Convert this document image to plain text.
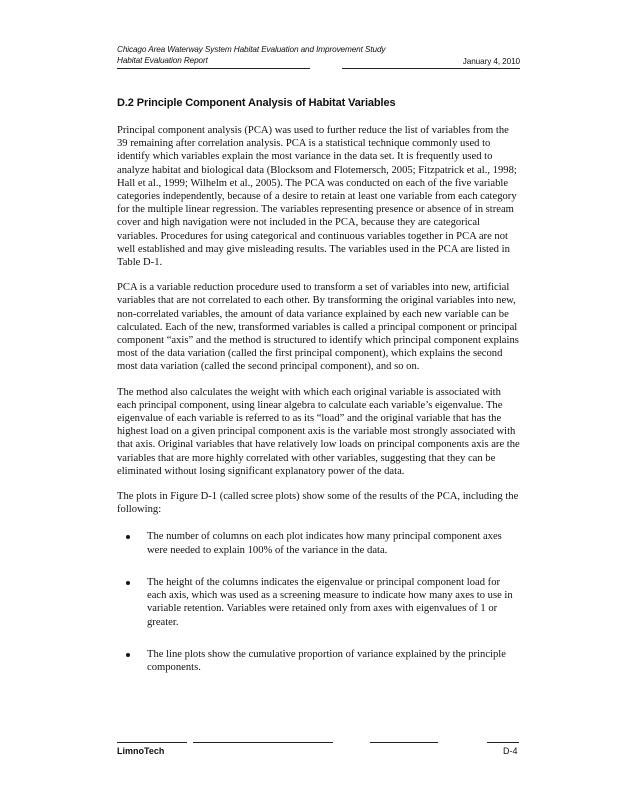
Chicago Area Waterway System Habitat Evaluation and Improvement Study
Habitat Evaluation Report	January 4, 2010
D.2 Principle Component Analysis of Habitat Variables

Principal component analysis (PCA) was used to further reduce the list of variables from the 39 remaining after correlation analysis. PCA is a statistical technique commonly used to identify which variables explain the most variance in the data set. It is frequently used to analyze habitat and biological data (Blocksom and Flotemersch, 2005; Fitzpatrick et al., 1998; Hall et al., 1999; Wilhelm et al., 2005). The PCA was conducted on each of the five variable categories independently, because of a desire to retain at least one variable from each category for the multiple linear regression. The variables representing presence or absence of in stream cover and high navigation were not included in the PCA, because they are categorical variables. Procedures for using categorical and continuous variables together in PCA are not well established and may give misleading results. The variables used in the PCA are listed in Table D-1.

PCA is a variable reduction procedure used to transform a set of variables into new, artificial variables that are not correlated to each other. By transforming the original variables into new, non-correlated variables, the amount of data variance explained by each new variable can be calculated. Each of the new, transformed variables is called a principal component or principal component “axis” and the method is structured to identify which principal component explains most of the data variation (called the first principal component), which explains the second most data variation (called the second principal component), and so on.

The method also calculates the weight with which each original variable is associated with each principal component, using linear algebra to calculate each variable’s eigenvalue. The eigenvalue of each variable is referred to as its “load” and the original variable that has the highest load on a given principal component axis is the variable most strongly associated with that axis. Original variables that have relatively low loads on principal components axis are the variables that are more highly correlated with other variables, suggesting that they can be eliminated without losing significant explanatory power of the data.

The plots in Figure D-1 (called scree plots) show some of the results of the PCA, including the following:

The number of columns on each plot indicates how many principal component axes were needed to explain 100% of the variance in the data.
The height of the columns indicates the eigenvalue or principal component load for each axis, which was used as a screening measure to indicate how many axes to use in variable retention. Variables were retained only from axes with eigenvalues of 1 or greater.
The line plots show the cumulative proportion of variance explained by the principle components.
LimnoTech	D-4
